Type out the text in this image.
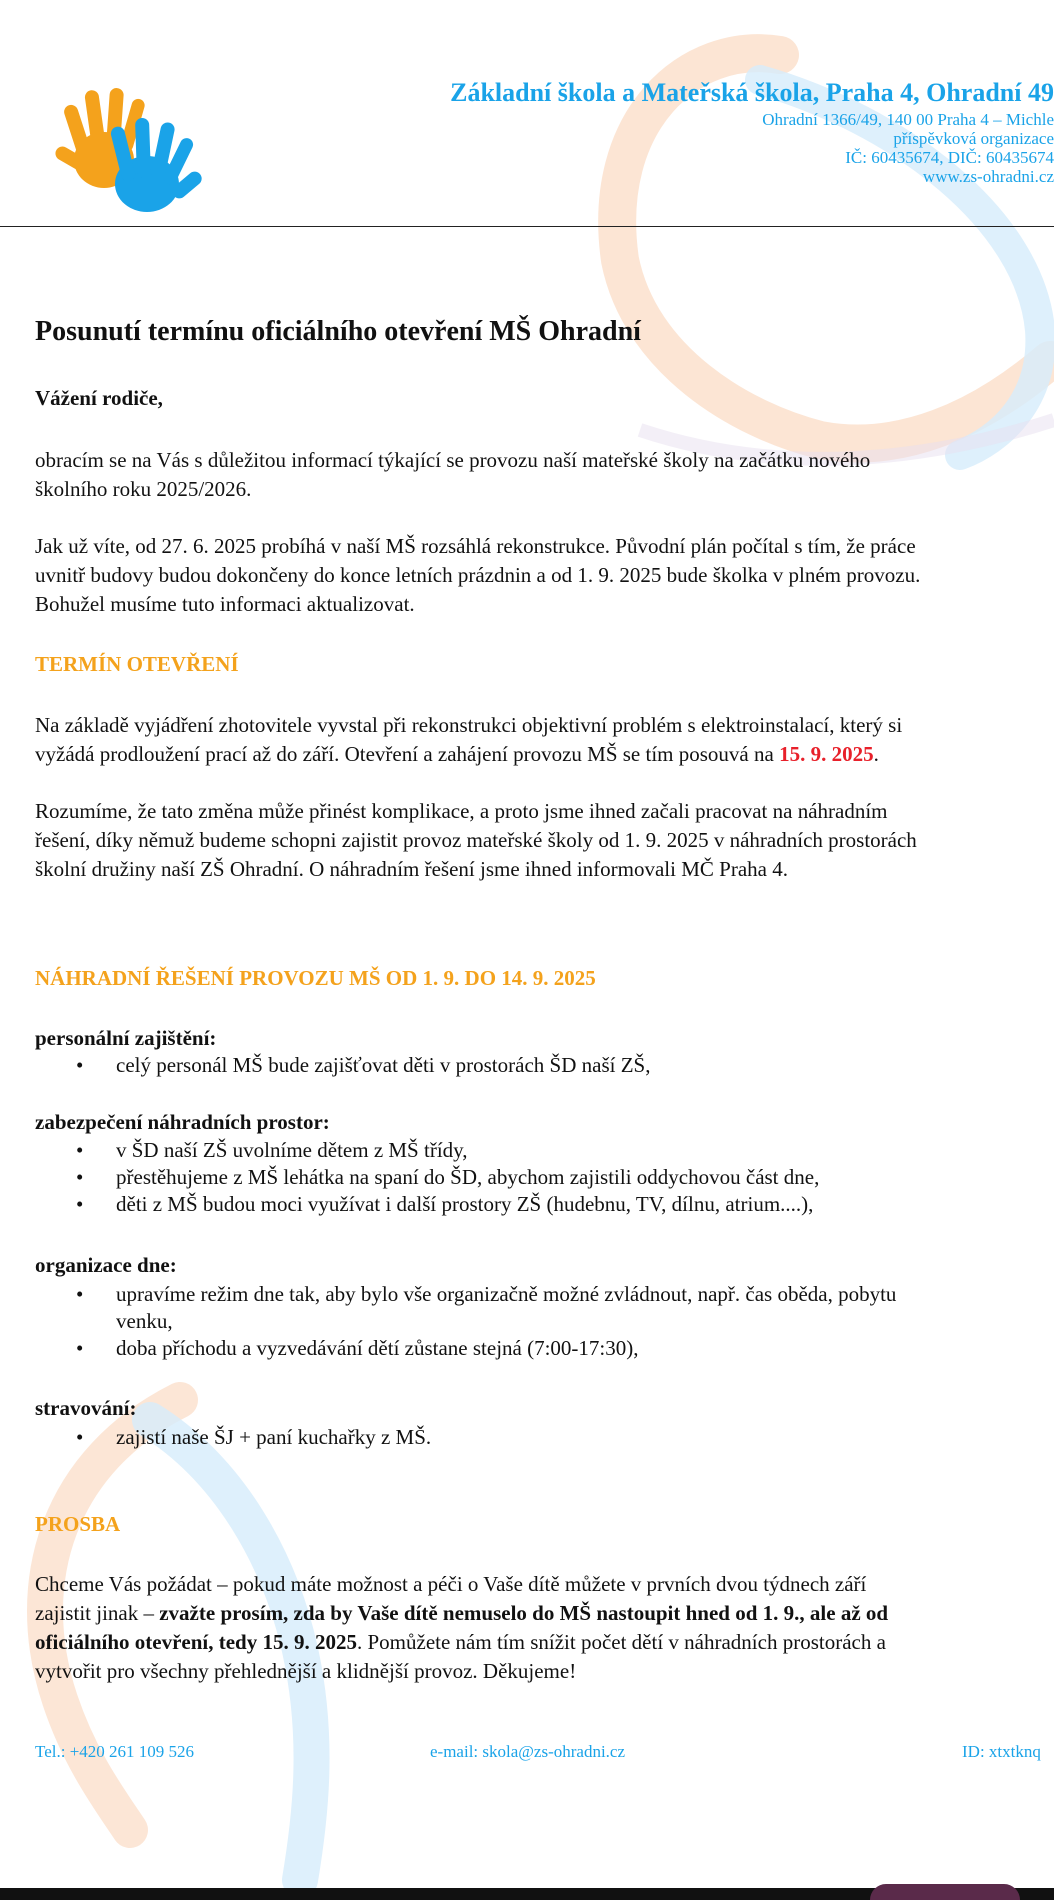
Základní škola a Mateřská škola, Praha 4, Ohradní 49
Ohradní 1366/49, 140 00 Praha 4 – Michle
příspěvková organizace
IČ: 60435674, DIČ: 60435674
www.zs-ohradni.cz
Posunutí termínu oficiálního otevření MŠ Ohradní
Vážení rodiče,
obracím se na Vás s důležitou informací týkající se provozu naší mateřské školy na začátku nového
školního roku 2025/2026.
Jak už víte, od 27. 6. 2025 probíhá v naší MŠ rozsáhlá rekonstrukce. Původní plán počítal s tím, že práce
uvnitř budovy budou dokončeny do konce letních prázdnin a od 1. 9. 2025 bude školka v plném provozu.
Bohužel musíme tuto informaci aktualizovat.
TERMÍN OTEVŘENÍ
Na základě vyjádření zhotovitele vyvstal při rekonstrukci objektivní problém s elektroinstalací, který si
vyžádá prodloužení prací až do září. Otevření a zahájení provozu MŠ se tím posouvá na 15. 9. 2025.
Rozumíme, že tato změna může přinést komplikace, a proto jsme ihned začali pracovat na náhradním
řešení, díky němuž budeme schopni zajistit provoz mateřské školy od 1. 9. 2025 v náhradních prostorách
školní družiny naší ZŠ Ohradní. O náhradním řešení jsme ihned informovali MČ Praha 4.
NÁHRADNÍ ŘEŠENÍ PROVOZU MŠ OD 1. 9. DO 14. 9. 2025
personální zajištění:
• celý personál MŠ bude zajišťovat děti v prostorách ŠD naší ZŠ,
zabezpečení náhradních prostor:
• v ŠD naší ZŠ uvolníme dětem z MŠ třídy,
• přestěhujeme z MŠ lehátka na spaní do ŠD, abychom zajistili oddychovou část dne,
• děti z MŠ budou moci využívat i další prostory ZŠ (hudebnu, TV, dílnu, atrium....),
organizace dne:
• upravíme režim dne tak, aby bylo vše organizačně možné zvládnout, např. čas oběda, pobytu
venku,
• doba příchodu a vyzvedávání dětí zůstane stejná (7:00-17:30),
stravování:
• zajistí naše ŠJ + paní kuchařky z MŠ.
PROSBA
Chceme Vás požádat – pokud máte možnost a péči o Vaše dítě můžete v prvních dvou týdnech září
zajistit jinak – zvažte prosím, zda by Vaše dítě nemuselo do MŠ nastoupit hned od 1. 9., ale až od
oficiálního otevření, tedy 15. 9. 2025. Pomůžete nám tím snížit počet dětí v náhradních prostorách a
vytvořit pro všechny přehlednější a klidnější provoz. Děkujeme!
Tel.: +420 261 109 526	e-mail: skola@zs-ohradni.cz	ID: xtxtknq
